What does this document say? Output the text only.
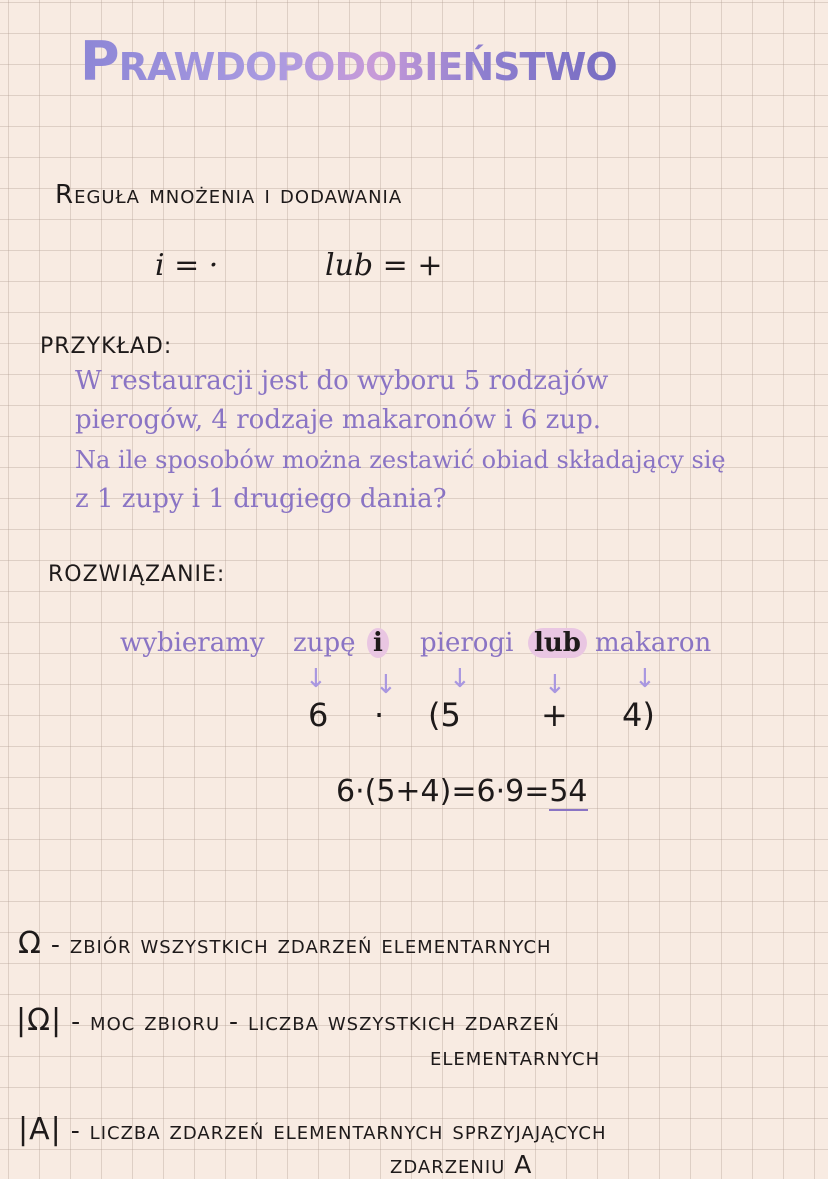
Prawdopodobieństwo
Reguła mnożenia i dodawania
i = ·	lub = +
PRZYKŁAD:
W restauracji jest do wyboru 5 rodzajów
pierogów, 4 rodzaje makaronów i 6 zup.
Na ile sposobów można zestawić obiad składający się
z 1 zupy i 1 drugiego dania?
ROZWIĄZANIE:
wybieramy zupę i pierogi lub makaron
↓ ↓ ↓	↓	↓
6 · (5	+ 4)
6·(5+4)=6·9=54
Ω - zbiór wszystkich zdarzeń elementarnych
|Ω| - moc zbioru - liczba wszystkich zdarzeń
elementarnych
|A| - liczba zdarzeń elementarnych sprzyjających
zdarzeniu A
